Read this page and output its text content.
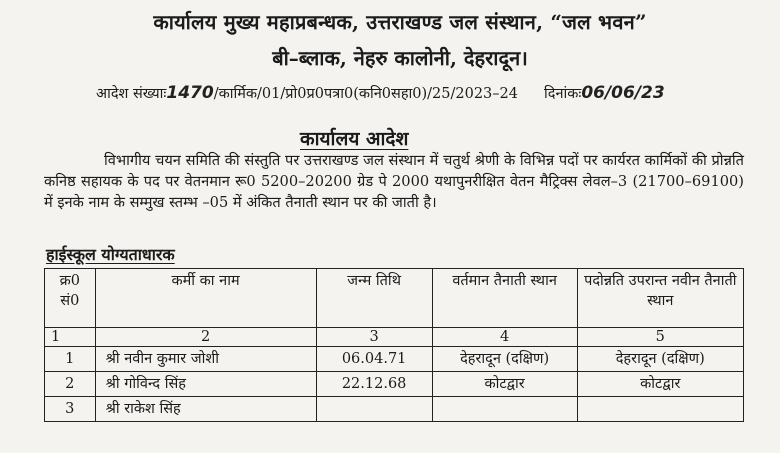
कार्यालय मुख्य महाप्रबन्धक, उत्तराखण्ड जल संस्थान, “जल भवन”
बी–ब्लाक, नेहरु कालोनी, देहरादून।
आदेश संख्याः1470/कार्मिक/01/प्रो0प्र0पत्रा0(कनि0सहा0)/25/2023–24 दिनांकः06/06/23
कार्यालय आदेश
विभागीय चयन समिति की संस्तुति पर उत्तराखण्ड जल संस्थान में चतुर्थ श्रेणी के विभिन्न पदों पर कार्यरत कार्मिकों की प्रोन्नति कनिष्ठ सहायक के पद पर वेतनमान रू0 5200–20200 ग्रेड पे 2000 यथापुनरीक्षित वेतन मैट्रिक्स लेवल–3 (21700–69100) में इनके नाम के सम्मुख स्तम्भ –05 में अंकित तैनाती स्थान पर की जाती है।
हाईस्कूल योग्यताधारक
क्र0 सं0	कर्मी का नाम	जन्म तिथि	वर्तमान तैनाती स्थान	पदोन्नति उपरान्त नवीन तैनाती स्थान
1	2	3	4	5
1	श्री नवीन कुमार जोशी	06.04.71	देहरादून (दक्षिण)	देहरादून (दक्षिण)
2	श्री गोविन्द सिंह	22.12.68	कोटद्वार	कोटद्वार
3	श्री राकेश सिंह			
